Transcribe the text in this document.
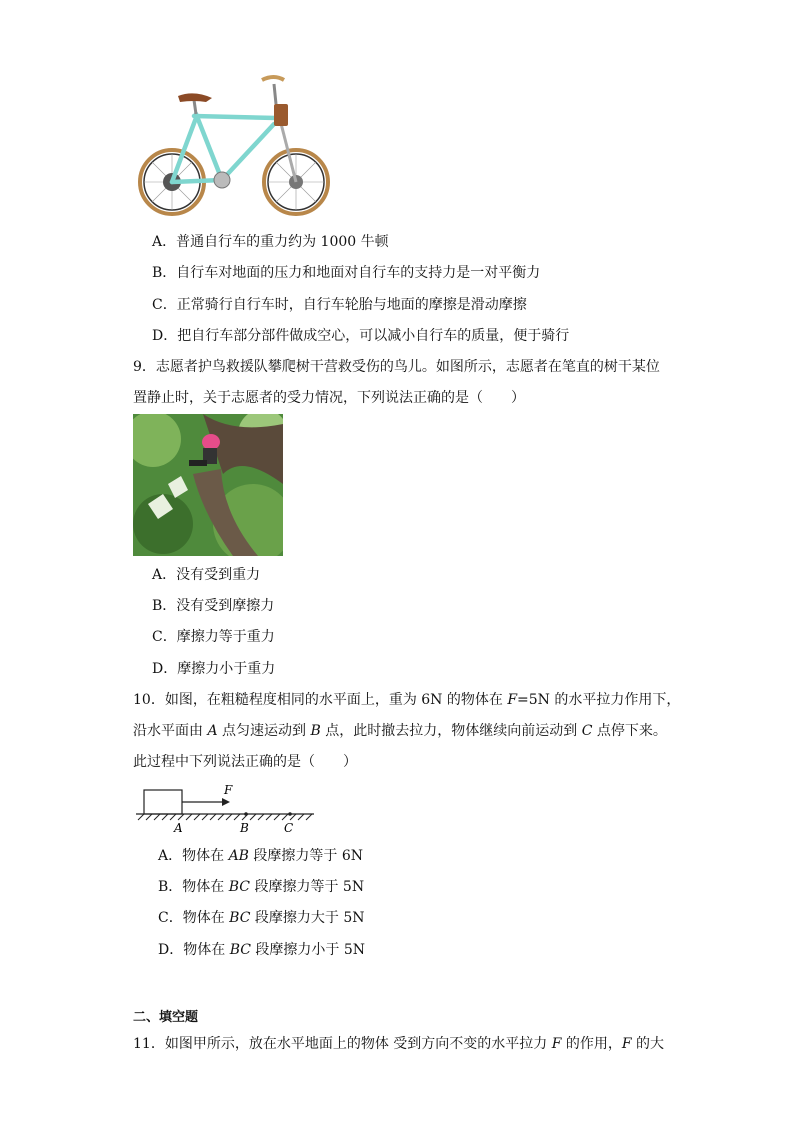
A．普通自行车的重力约为 1000 牛顿
B．自行车对地面的压力和地面对自行车的支持力是一对平衡力
C．正常骑行自行车时，自行车轮胎与地面的摩擦是滑动摩擦
D．把自行车部分部件做成空心，可以减小自行车的质量，便于骑行
9．志愿者护鸟救援队攀爬树干营救受伤的鸟儿。如图所示，志愿者在笔直的树干某位
置静止时，关于志愿者的受力情况，下列说法正确的是（　　）
A．没有受到重力
B．没有受到摩擦力
C．摩擦力等于重力
D．摩擦力小于重力
10．如图，在粗糙程度相同的水平面上，重为 6N 的物体在 F=5N 的水平拉力作用下，
沿水平面由 A 点匀速运动到 B 点，此时撤去拉力，物体继续向前运动到 C 点停下来。
此过程中下列说法正确的是（　　）
F
A	B	C
A．物体在 AB 段摩擦力等于 6N
B．物体在 BC 段摩擦力等于 5N
C．物体在 BC 段摩擦力大于 5N
D．物体在 BC 段摩擦力小于 5N
二、填空题
11．如图甲所示，放在水平地面上的物体 受到方向不变的水平拉力 F 的作用，F 的大
